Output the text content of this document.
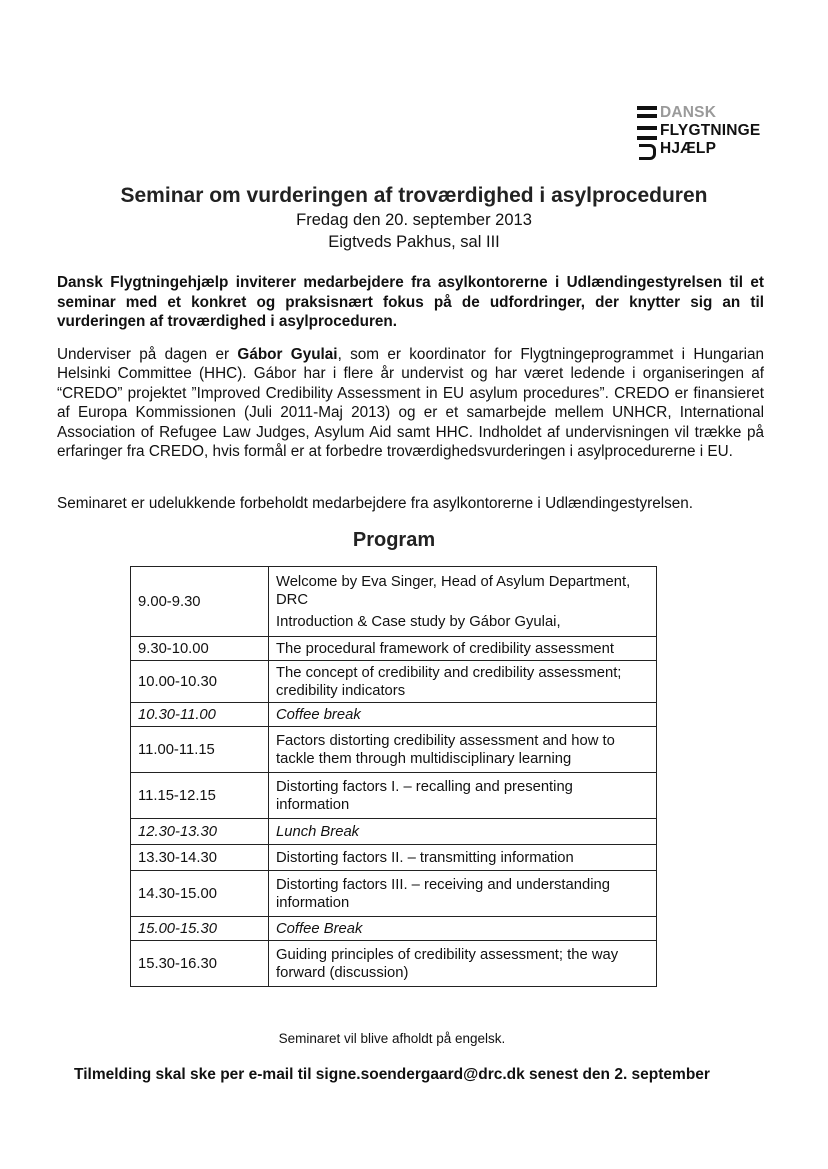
DANSK
FLYGTNINGE
HJÆLP
Seminar om vurderingen af troværdighed i asylproceduren
Fredag den 20. september 2013
Eigtveds Pakhus, sal III
Dansk Flygtningehjælp inviterer medarbejdere fra asylkontorerne i Udlændingestyrelsen til et seminar med et konkret og praksisnært fokus på de udfordringer, der knytter sig an til vurderingen af troværdighed i asylproceduren.
Underviser på dagen er Gábor Gyulai, som er koordinator for Flygtningeprogrammet i Hungarian Helsinki Committee (HHC). Gábor har i flere år undervist og har været ledende i organiseringen af “CREDO” projektet ”Improved Credibility Assessment in EU asylum procedures”. CREDO er finansieret af Europa Kommissionen (Juli 2011-Maj 2013) og er et samarbejde mellem UNHCR, International Association of Refugee Law Judges, Asylum Aid samt HHC. Indholdet af undervisningen vil trække på erfaringer fra CREDO, hvis formål er at forbedre troværdighedsvurderingen i asylprocedurerne i EU.
Seminaret er udelukkende forbeholdt medarbejdere fra asylkontorerne i Udlændingestyrelsen.
Program
9.00-9.30	Welcome by Eva Singer, Head of Asylum Department, DRC
Introduction & Case study by Gábor Gyulai,

9.30-10.00	The procedural framework of credibility assessment
10.00-10.30	The concept of credibility and credibility assessment; credibility indicators
10.30-11.00	Coffee break
11.00-11.15	Factors distorting credibility assessment and how to tackle them through multidisciplinary learning
11.15-12.15	Distorting factors I. – recalling and presenting information
12.30-13.30	Lunch Break
13.30-14.30	Distorting factors II. – transmitting information
14.30-15.00	Distorting factors III. – receiving and understanding information
15.00-15.30	Coffee Break
15.30-16.30	Guiding principles of credibility assessment; the way forward (discussion)
Seminaret vil blive afholdt på engelsk.
Tilmelding skal ske per e-mail til signe.soendergaard@drc.dk senest den 2. september
